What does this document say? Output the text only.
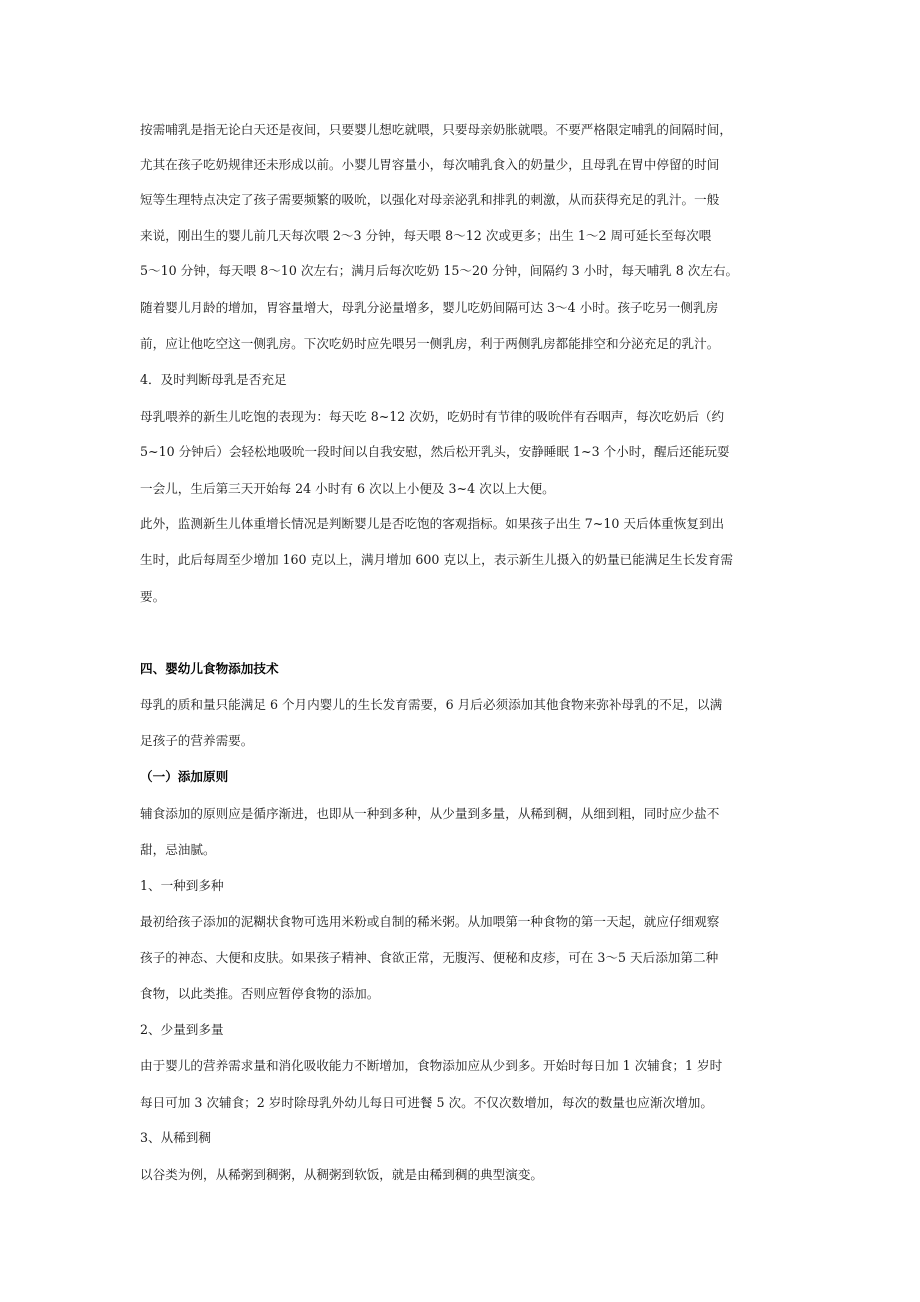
按需哺乳是指无论白天还是夜间，只要婴儿想吃就喂，只要母亲奶胀就喂。不要严格限定哺乳的间隔时间，

尤其在孩子吃奶规律还未形成以前。小婴儿胃容量小，每次哺乳食入的奶量少，且母乳在胃中停留的时间

短等生理特点决定了孩子需要频繁的吸吮，以强化对母亲泌乳和排乳的刺激，从而获得充足的乳汁。一般

来说，刚出生的婴儿前几天每次喂 2～3 分钟，每天喂 8～12 次或更多；出生 1～2 周可延长至每次喂

5～10 分钟，每天喂 8～10 次左右；满月后每次吃奶 15～20 分钟，间隔约 3 小时，每天哺乳 8 次左右。

随着婴儿月龄的增加，胃容量增大，母乳分泌量增多，婴儿吃奶间隔可达 3～4 小时。孩子吃另一侧乳房

前，应让他吃空这一侧乳房。下次吃奶时应先喂另一侧乳房，利于两侧乳房都能排空和分泌充足的乳汁。

4．及时判断母乳是否充足

母乳喂养的新生儿吃饱的表现为：每天吃 8~12 次奶，吃奶时有节律的吸吮伴有吞咽声，每次吃奶后（约

5~10 分钟后）会轻松地吸吮一段时间以自我安慰，然后松开乳头，安静睡眠 1~3 个小时，醒后还能玩耍

一会儿，生后第三天开始每 24 小时有 6 次以上小便及 3~4 次以上大便。

此外，监测新生儿体重增长情况是判断婴儿是否吃饱的客观指标。如果孩子出生 7~10 天后体重恢复到出

生时，此后每周至少增加 160 克以上，满月增加 600 克以上，表示新生儿摄入的奶量已能满足生长发育需

要。

四、婴幼儿食物添加技术

母乳的质和量只能满足 6 个月内婴儿的生长发育需要，6 月后必须添加其他食物来弥补母乳的不足，以满

足孩子的营养需要。

（一）添加原则

辅食添加的原则应是循序渐进，也即从一种到多种，从少量到多量，从稀到稠，从细到粗，同时应少盐不

甜，忌油腻。

1、一种到多种

最初给孩子添加的泥糊状食物可选用米粉或自制的稀米粥。从加喂第一种食物的第一天起，就应仔细观察

孩子的神态、大便和皮肤。如果孩子精神、食欲正常，无腹泻、便秘和皮疹，可在 3～5 天后添加第二种

食物，以此类推。否则应暂停食物的添加。

2、少量到多量

由于婴儿的营养需求量和消化吸收能力不断增加，食物添加应从少到多。开始时每日加 1 次辅食；1 岁时

每日可加 3 次辅食；2 岁时除母乳外幼儿每日可进餐 5 次。不仅次数增加，每次的数量也应渐次增加。

3、从稀到稠

以谷类为例，从稀粥到稠粥，从稠粥到软饭，就是由稀到稠的典型演变。
